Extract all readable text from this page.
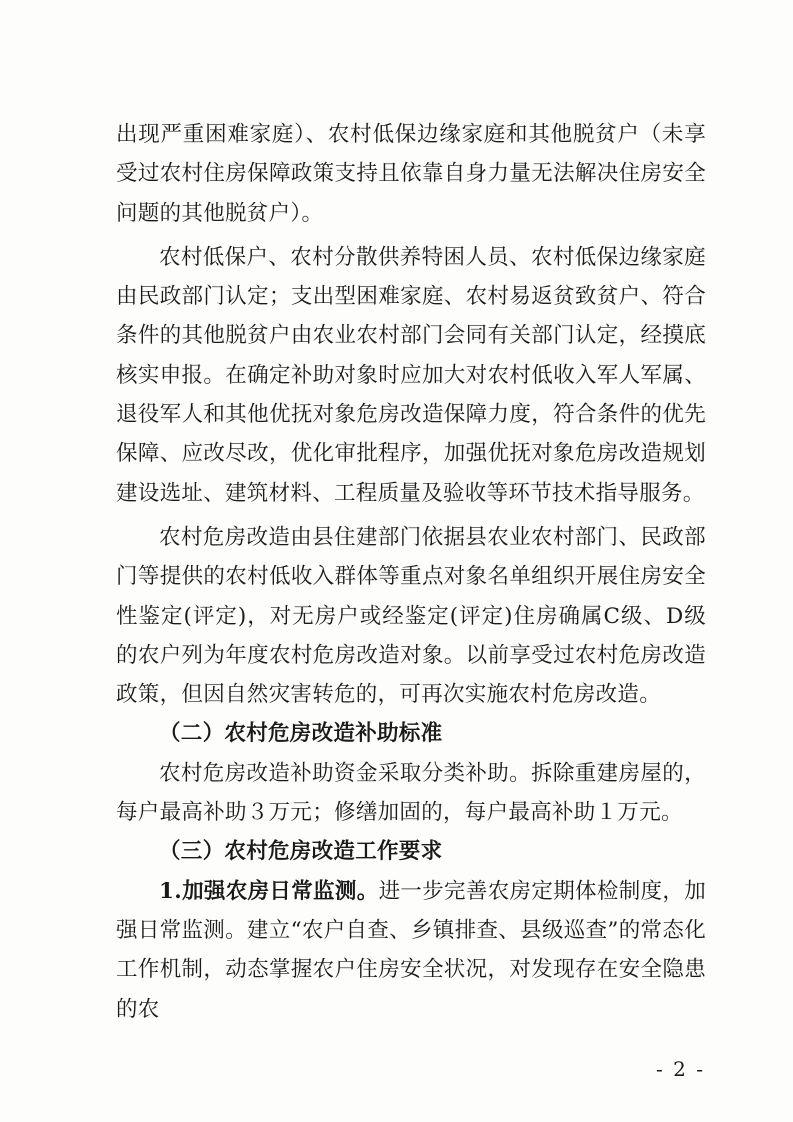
出现严重困难家庭）、农村低保边缘家庭和其他脱贫户（未享受过农村住房保障政策支持且依靠自身力量无法解决住房安全问题的其他脱贫户）。

农村低保户、农村分散供养特困人员、农村低保边缘家庭由民政部门认定；支出型困难家庭、农村易返贫致贫户、符合条件的其他脱贫户由农业农村部门会同有关部门认定，经摸底核实申报。在确定补助对象时应加大对农村低收入军人军属、退役军人和其他优抚对象危房改造保障力度，符合条件的优先保障、应改尽改，优化审批程序，加强优抚对象危房改造规划建设选址、建筑材料、工程质量及验收等环节技术指导服务。

农村危房改造由县住建部门依据县农业农村部门、民政部门等提供的农村低收入群体等重点对象名单组织开展住房安全性鉴定(评定)，对无房户或经鉴定(评定)住房确属C级、D级的农户列为年度农村危房改造对象。以前享受过农村危房改造政策，但因自然灾害转危的，可再次实施农村危房改造。

（二）农村危房改造补助标准

农村危房改造补助资金采取分类补助。拆除重建房屋的，每户最高补助３万元；修缮加固的，每户最高补助１万元。

（三）农村危房改造工作要求

1.加强农房日常监测。进一步完善农房定期体检制度，加强日常监测。建立“农户自查、乡镇排查、县级巡查”的常态化工作机制，动态掌握农户住房安全状况，对发现存在安全隐患的农

- 2 -
